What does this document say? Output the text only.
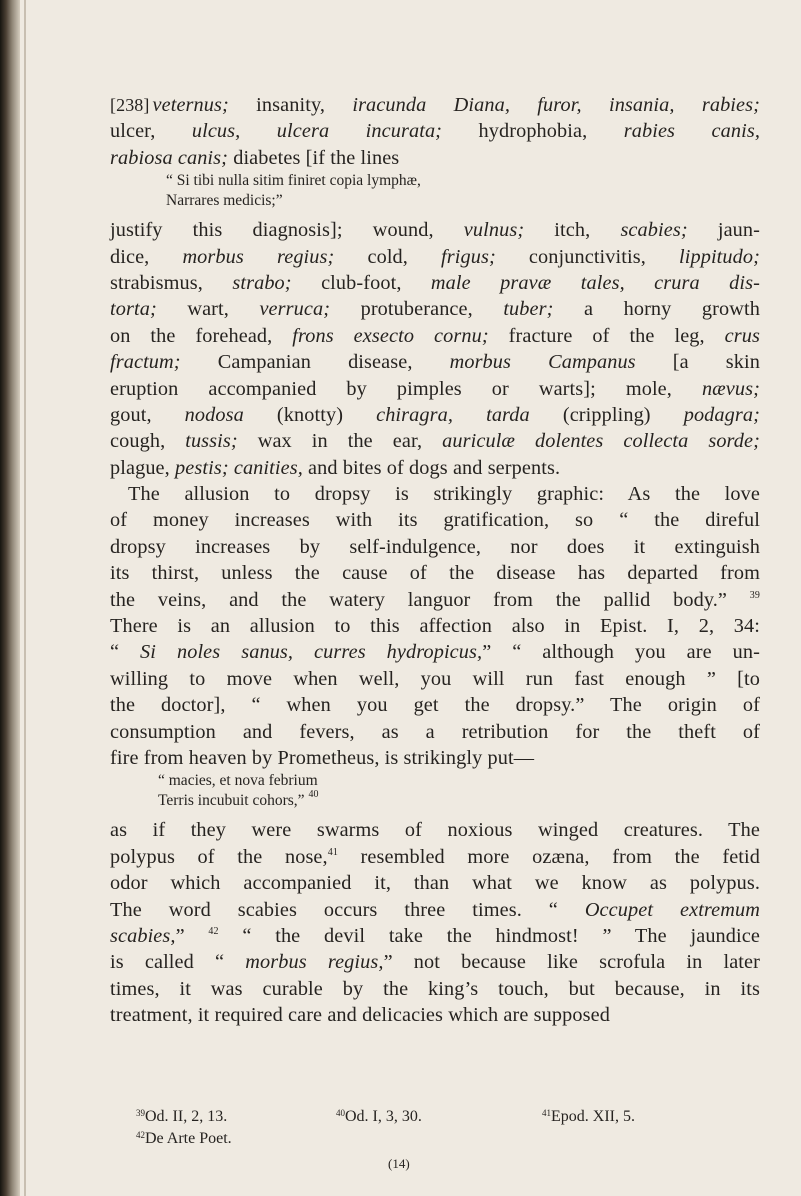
[238] veternus; insanity, iracunda Diana, furor, insania, rabies;
ulcer, ulcus, ulcera incurata; hydrophobia, rabies canis,
rabiosa canis; diabetes [if the lines
“ Si tibi nulla sitim finiret copia lymphæ,
Narrares medicis;”
justify this diagnosis]; wound, vulnus; itch, scabies; jaun-
dice, morbus regius; cold, frigus; conjunctivitis, lippitudo;
strabismus, strabo; club-foot, male pravæ tales, crura dis-
torta; wart, verruca; protuberance, tuber; a horny growth
on the forehead, frons exsecto cornu; fracture of the leg, crus
fractum; Campanian disease, morbus Campanus [a skin
eruption accompanied by pimples or warts]; mole, nævus;
gout, nodosa (knotty) chiragra, tarda (crippling) podagra;
cough, tussis; wax in the ear, auriculæ dolentes collecta sorde;
plague, pestis; canities, and bites of dogs and serpents.
The allusion to dropsy is strikingly graphic: As the love
of money increases with its gratification, so “ the direful
dropsy increases by self-indulgence, nor does it extinguish
its thirst, unless the cause of the disease has departed from
the veins, and the watery languor from the pallid body.” $^{39}$
There is an allusion to this affection also in Epist. I, 2, 34:
“ Si noles sanus, curres hydropicus,” “ although you are un-
willing to move when well, you will run fast enough ” [to
the doctor], “ when you get the dropsy.” The origin of
consumption and fevers, as a retribution for the theft of
fire from heaven by Prometheus, is strikingly put—
“ macies, et nova febrium
Terris incubuit cohors,” $^{40}$
as if they were swarms of noxious winged creatures. The
polypus of the nose,$^{41}$ resembled more ozæna, from the fetid
odor which accompanied it, than what we know as polypus.
The word scabies occurs three times. “ Occupet extremum
scabies,” $^{42}$ “ the devil take the hindmost! ” The jaundice
is called “ morbus regius,” not because like scrofula in later
times, it was curable by the king’s touch, but because, in its
treatment, it required care and delicacies which are supposed
$^{39}$Od. II, 2, 13.	$^{40}$Od. I, 3, 30.	$^{41}$Epod. XII, 5.
$^{42}$De Arte Poet.
(14)
